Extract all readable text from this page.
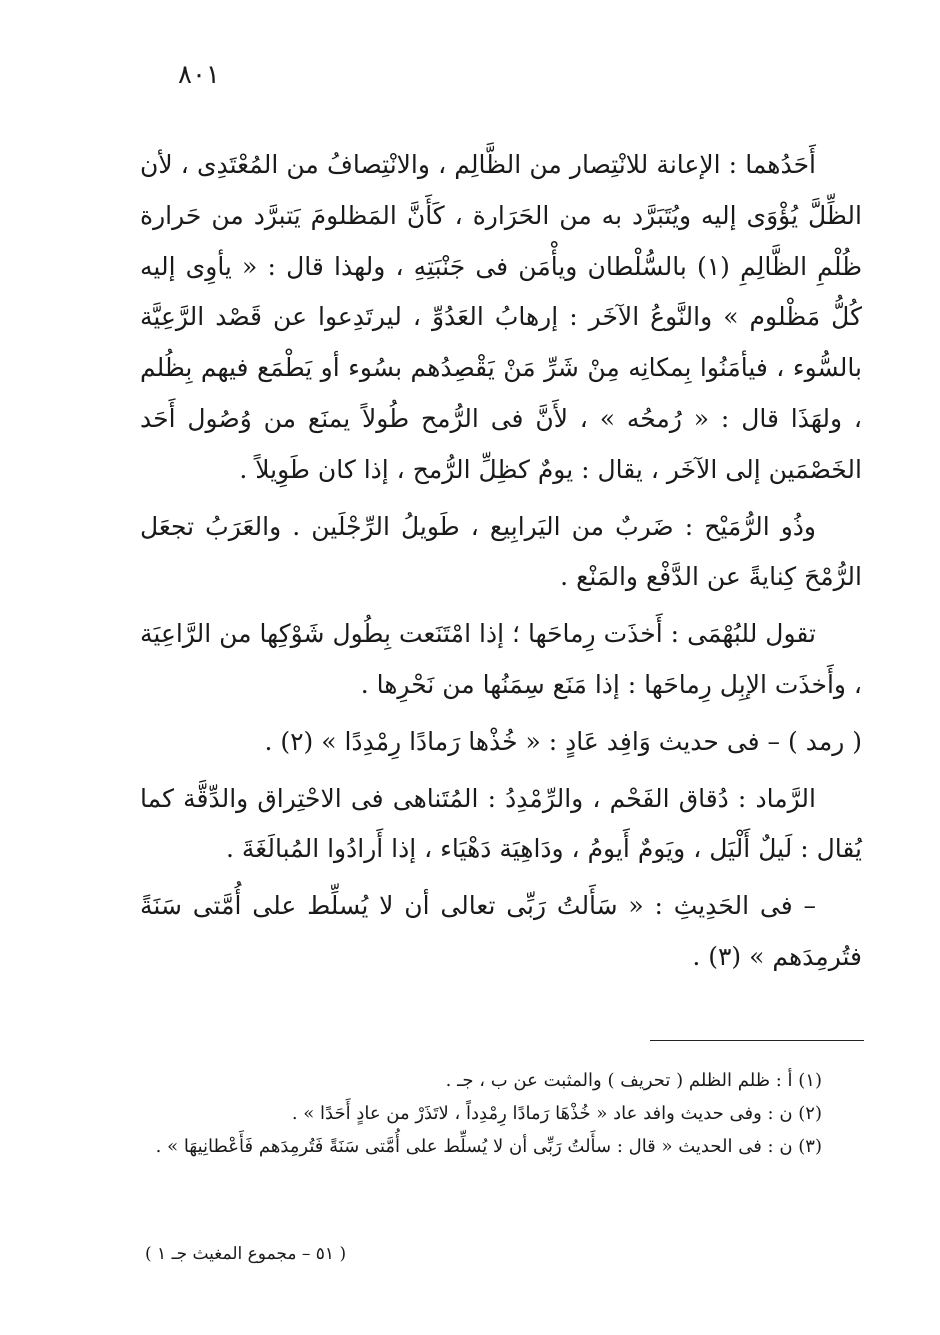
٨٠١

أَحَدُهما : الإعانة للانْتِصار من الظَّالِم ، والانْتِصافُ من المُعْتَدِى ، لأن الظِّلَّ يُؤْوَى إليه ويُتَبَرَّد به من الحَرَارة ، كَأَنَّ المَظلومَ يَتبرَّد من حَرارة ظُلْمِ الظَّالِمِ (١) بالسُّلْطان ويأْمَن فى جَنْبَتِهِ ، ولهذا قال : « يأوِى إليه كُلُّ مَظْلوم » والنَّوعُ الآخَر : إرهابُ العَدُوِّ ، ليرتَدِعوا عن قَصْد الرَّعِيَّة بالسُّوء ، فيأمَنُوا بِمكانِه مِنْ شَرِّ مَنْ يَقْصِدُهم بسُوء أو يَطْمَع فيهم بِظُلم ، ولهَذَا قال : « رُمحُه » ، لأَنَّ فى الرُّمح طُولاً يمنَع من وُصُول أَحَد الخَصْمَين إلى الآخَر ، يقال : يومٌ كظِلِّ الرُّمح ، إذا كان طَوِيلاً .

وذُو الرُّمَيْح : ضَربٌ من اليَرابِيع ، طَويلُ الرِّجْلَين . والعَرَبُ تجعَل الرُّمْحَ كِنايةً عن الدَّفْع والمَنْع .

تقول للبُهْمَى : أَخذَت رِماحَها ؛ إذا امْتَنَعت بِطُول شَوْكِها من الرَّاعِيَة ، وأَخذَت الإبِل رِماحَها : إذا مَنَع سِمَنُها من نَحْرِها .

( رمد ) – فى حديث وَافِد عَادٍ : « خُذْها رَمادًا رِمْدِدًا » (٢) .

الرَّماد : دُقاق الفَحْم ، والرِّمْدِدُ : المُتَناهى فى الاحْتِراق والدِّقَّة كما يُقال : لَيلٌ أَلْيَل ، ويَومٌ أَيومُ ، ودَاهِيَة دَهْيَاء ، إذا أَرادُوا المُبالَغَةَ .

– فى الحَدِيثِ : « سَأَلتُ رَبِّى تعالى أن لا يُسلِّط على أُمَّتى سَنَةً فتُرمِدَهم » (٣) .

(١) أ : ظلم الظلم ( تحريف ) والمثبت عن ب ، جـ .

(٢) ن : وفى حديث وافد عاد « خُذْهَا رَمادًا رِمْدِداً ، لاتَذَرْ من عادٍ أَحَدًا » .

(٣) ن : فى الحديث « قال : سأَلتُ رَبِّى أن لا يُسلِّط على أُمَّتى سَنَةً فَتُرمِدَهم فَأَعْطانِيهَا » .

( ٥١ – مجموع المغيث جـ ١ )
